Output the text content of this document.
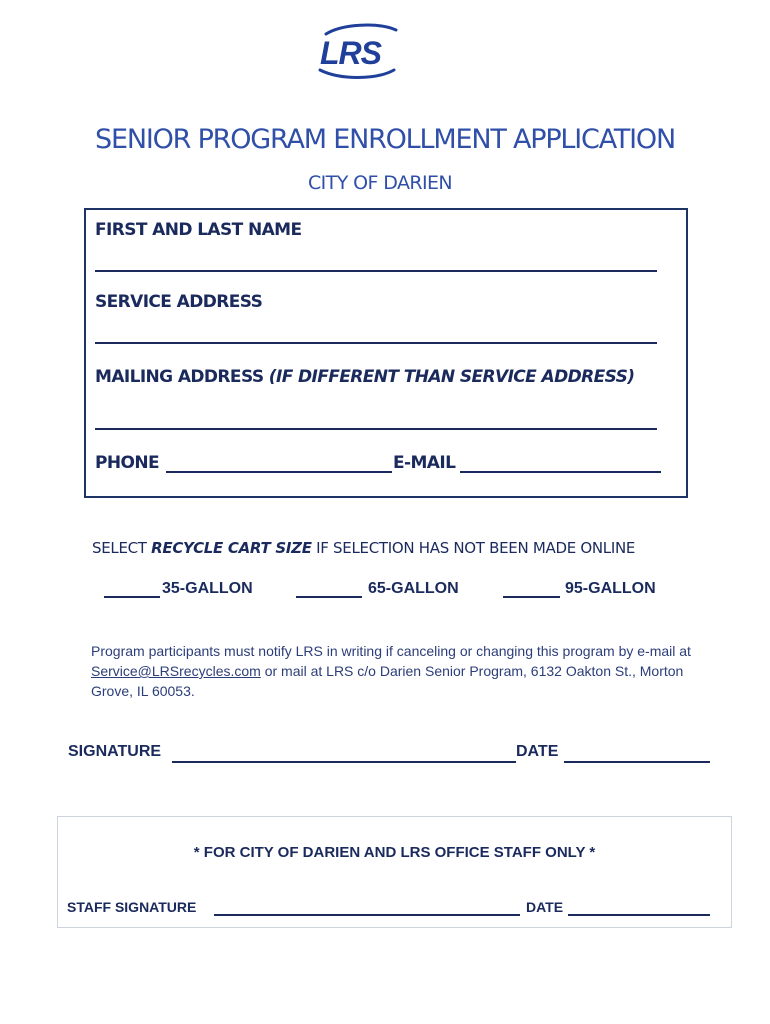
LRS
SENIOR PROGRAM ENROLLMENT APPLICATION
CITY OF DARIEN
FIRST AND LAST NAME
SERVICE ADDRESS
MAILING ADDRESS (IF DIFFERENT THAN SERVICE ADDRESS)
PHONE	E-MAIL
SELECT RECYCLE CART SIZE IF SELECTION HAS NOT BEEN MADE ONLINE
35-GALLON	65-GALLON	95-GALLON
Program participants must notify LRS in writing if canceling or changing this program by e-mail at Service@LRSrecycles.com or mail at LRS c/o Darien Senior Program, 6132 Oakton St., Morton Grove, IL 60053.
SIGNATURE	DATE
* FOR CITY OF DARIEN AND LRS OFFICE STAFF ONLY *
STAFF SIGNATURE	DATE
